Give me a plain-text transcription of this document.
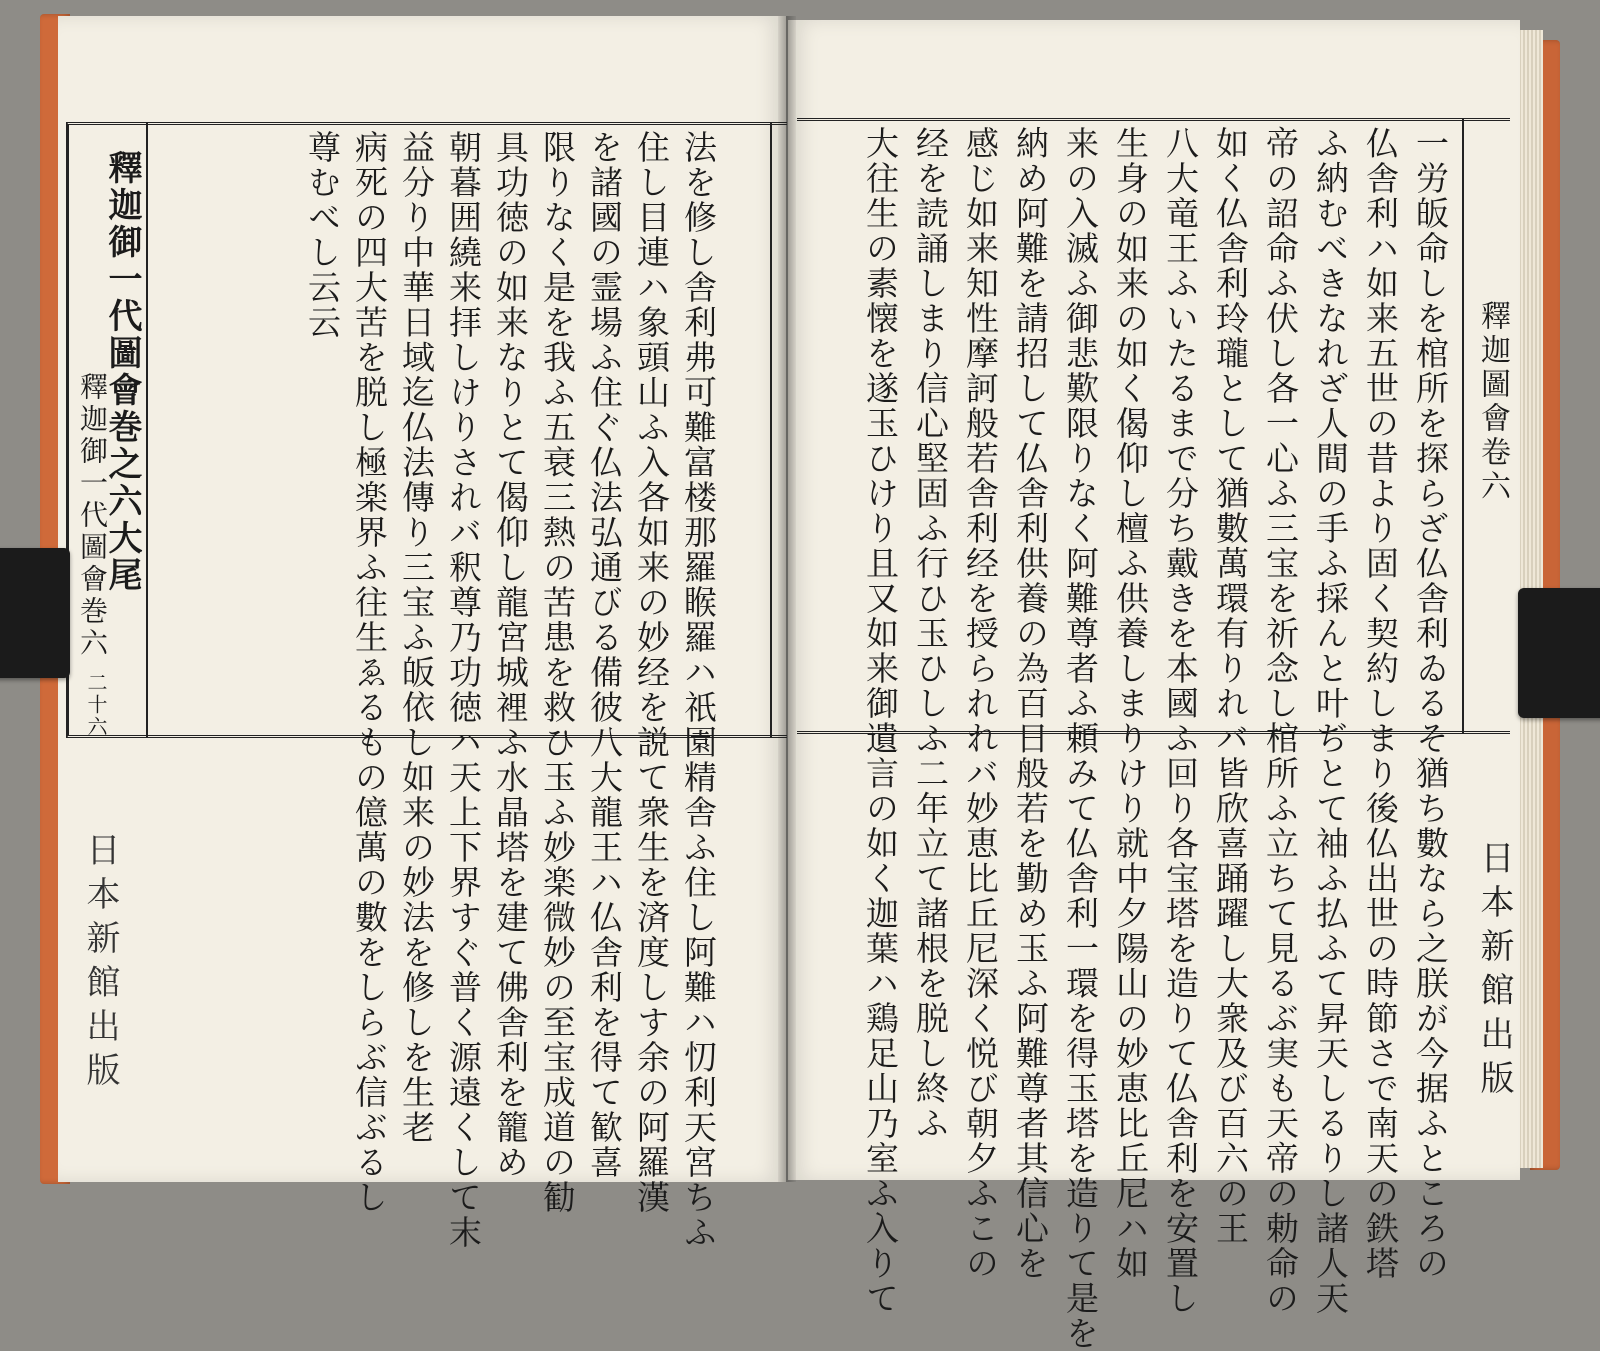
釋迦御一代圖會巻之六大尾
釋迦御一代圖會巻六
二十六
日本新館出版	法を修し舎利弗可難富楼那羅睺羅ハ祇園精舎ふ住し阿難ハ忉利天宮ちふ
住し目連ハ象頭山ふ入各如来の妙经を説て衆生を済度しす余の阿羅漢
を諸國の霊場ふ住ぐ仏法弘通びる備彼八大龍王ハ仏舎利を得て歓喜
限りなく是を我ふ五衰三熱の苦患を救ひ玉ふ妙楽微妙の至宝成道の勧
具功徳の如来なりとて偈仰し龍宮城裡ふ水晶塔を建て佛舎利を籠め
朝暮囲繞来拝しけりされバ釈尊乃功徳ハ天上下界すぐ普く源遠くして末
益分り中華日域迄仏法傳り三宝ふ皈依し如来の妙法を修しを生老
病死の四大苦を脱し極楽界ふ往生ゑるもの億萬の數をしらぶ信ぶるし
尊むべし云云
釋迦圖會卷六
日本新館出版
一労皈命しを棺所を探らざ仏舎利ゐるそ猶ち數なら之朕が今据ふところの
仏舎利ハ如来五世の昔より固く契約しまり後仏出世の時節さで南天の鉄塔
ふ納むべきなれざ人間の手ふ採んと叶ぢとて袖ふ払ふて昇天しるりし諸人天
帝の詔命ふ伏し各一心ふ三宝を祈念し棺所ふ立ちて見るぶ実も天帝の勅命の
如く仏舎利玲瓏として猶數萬環有りれバ皆欣喜踊躍し大衆及び百六の王
八大竜王ふいたるまで分ち戴きを本國ふ回り各宝塔を造りて仏舎利を安置し
生身の如来の如く偈仰し檀ふ供養しまりけり就中夕陽山の妙恵比丘尼ハ如
来の入滅ふ御悲歎限りなく阿難尊者ふ頼みて仏舎利一環を得玉塔を造りて是を
納め阿難を請招して仏舎利供養の為百日般若を勤め玉ふ阿難尊者其信心を
感じ如来知性摩訶般若舎利经を授られれバ妙恵比丘尼深く悦び朝夕ふこの
经を読誦しまり信心堅固ふ行ひ玉ひしふ二年立て諸根を脱し終ふ
大往生の素懐を遂玉ひけり且又如来御遺言の如く迦葉ハ鶏足山乃室ふ入りて
